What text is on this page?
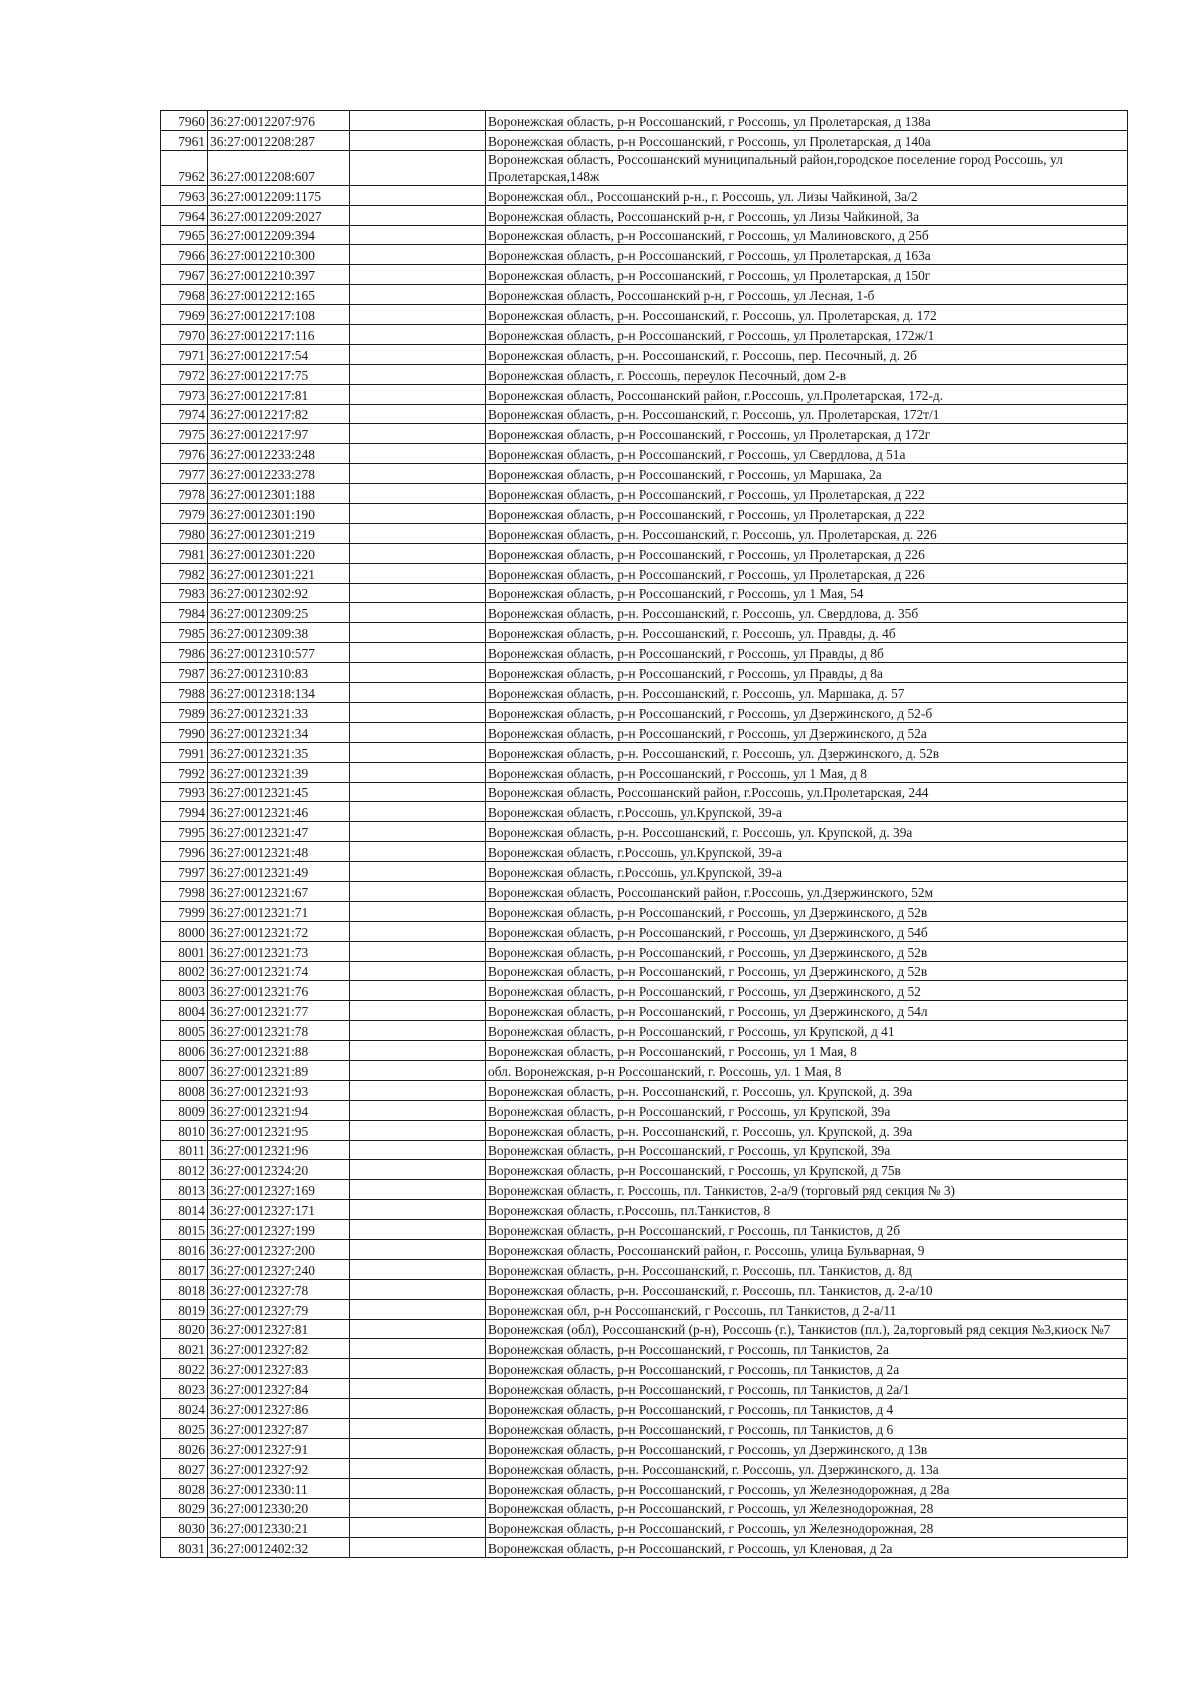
7960	36:27:0012207:976		Воронежская область, р-н Россошанский, г Россошь, ул Пролетарская, д 138а
7961	36:27:0012208:287		Воронежская область, р-н Россошанский, г Россошь, ул Пролетарская, д 140а
7962	36:27:0012208:607		Воронежская область, Россошанский муниципальный район,городское поселение город Россошь, ул Пролетарская,148ж
7963	36:27:0012209:1175		Воронежская обл., Россошанский р-н., г. Россошь, ул. Лизы Чайкиной, 3а/2
7964	36:27:0012209:2027		Воронежская область, Россошанский р-н, г Россошь, ул Лизы Чайкиной, 3а
7965	36:27:0012209:394		Воронежская область, р-н Россошанский, г Россошь, ул Малиновского, д 25б
7966	36:27:0012210:300		Воронежская область, р-н Россошанский, г Россошь, ул Пролетарская, д 163а
7967	36:27:0012210:397		Воронежская область, р-н Россошанский, г Россошь, ул Пролетарская, д 150г
7968	36:27:0012212:165		Воронежская область, Россошанский р-н, г Россошь, ул Лесная, 1-б
7969	36:27:0012217:108		Воронежская область, р-н. Россошанский, г. Россошь, ул. Пролетарская, д. 172
7970	36:27:0012217:116		Воронежская область, р-н Россошанский, г Россошь, ул Пролетарская, 172ж/1
7971	36:27:0012217:54		Воронежская область, р-н. Россошанский, г. Россошь, пер. Песочный, д. 2б
7972	36:27:0012217:75		Воронежская область, г. Россошь, переулок Песочный, дом 2-в
7973	36:27:0012217:81		Воронежская область, Россошанский район, г.Россошь, ул.Пролетарская, 172-д.
7974	36:27:0012217:82		Воронежская область, р-н. Россошанский, г. Россошь, ул. Пролетарская, 172т/1
7975	36:27:0012217:97		Воронежская область, р-н Россошанский, г Россошь, ул Пролетарская, д 172г
7976	36:27:0012233:248		Воронежская область, р-н Россошанский, г Россошь, ул Свердлова, д 51а
7977	36:27:0012233:278		Воронежская область, р-н Россошанский, г Россошь, ул Маршака, 2а
7978	36:27:0012301:188		Воронежская область, р-н Россошанский, г Россошь, ул Пролетарская, д 222
7979	36:27:0012301:190		Воронежская область, р-н Россошанский, г Россошь, ул Пролетарская, д 222
7980	36:27:0012301:219		Воронежская область, р-н. Россошанский, г. Россошь, ул. Пролетарская, д. 226
7981	36:27:0012301:220		Воронежская область, р-н Россошанский, г Россошь, ул Пролетарская, д 226
7982	36:27:0012301:221		Воронежская область, р-н Россошанский, г Россошь, ул Пролетарская, д 226
7983	36:27:0012302:92		Воронежская область, р-н Россошанский, г Россошь, ул 1 Мая, 54
7984	36:27:0012309:25		Воронежская область, р-н. Россошанский, г. Россошь, ул. Свердлова, д. 35б
7985	36:27:0012309:38		Воронежская область, р-н. Россошанский, г. Россошь, ул. Правды, д. 4б
7986	36:27:0012310:577		Воронежская область, р-н Россошанский, г Россошь, ул Правды, д 8б
7987	36:27:0012310:83		Воронежская область, р-н Россошанский, г Россошь, ул Правды, д 8а
7988	36:27:0012318:134		Воронежская область, р-н. Россошанский, г. Россошь, ул. Маршака, д. 57
7989	36:27:0012321:33		Воронежская область, р-н Россошанский, г Россошь, ул Дзержинского, д 52-б
7990	36:27:0012321:34		Воронежская область, р-н Россошанский, г Россошь, ул Дзержинского, д 52а
7991	36:27:0012321:35		Воронежская область, р-н. Россошанский, г. Россошь, ул. Дзержинского, д. 52в
7992	36:27:0012321:39		Воронежская область, р-н Россошанский, г Россошь, ул 1 Мая, д 8
7993	36:27:0012321:45		Воронежская область, Россошанский район, г.Россошь, ул.Пролетарская, 244
7994	36:27:0012321:46		Воронежская область, г.Россошь, ул.Крупской, 39-а
7995	36:27:0012321:47		Воронежская область, р-н. Россошанский, г. Россошь, ул. Крупской, д. 39а
7996	36:27:0012321:48		Воронежская область, г.Россошь, ул.Крупской, 39-а
7997	36:27:0012321:49		Воронежская область, г.Россошь, ул.Крупской, 39-а
7998	36:27:0012321:67		Воронежская область, Россошанский район, г.Россошь, ул.Дзержинского, 52м
7999	36:27:0012321:71		Воронежская область, р-н Россошанский, г Россошь, ул Дзержинского, д 52в
8000	36:27:0012321:72		Воронежская область, р-н Россошанский, г Россошь, ул Дзержинского, д 54б
8001	36:27:0012321:73		Воронежская область, р-н Россошанский, г Россошь, ул Дзержинского, д 52в
8002	36:27:0012321:74		Воронежская область, р-н Россошанский, г Россошь, ул Дзержинского, д 52в
8003	36:27:0012321:76		Воронежская область, р-н Россошанский, г Россошь, ул Дзержинского, д 52
8004	36:27:0012321:77		Воронежская область, р-н Россошанский, г Россошь, ул Дзержинского, д 54л
8005	36:27:0012321:78		Воронежская область, р-н Россошанский, г Россошь, ул Крупской, д 41
8006	36:27:0012321:88		Воронежская область, р-н Россошанский, г Россошь, ул 1 Мая, 8
8007	36:27:0012321:89		обл. Воронежская, р-н Россошанский, г. Россошь, ул. 1 Мая, 8
8008	36:27:0012321:93		Воронежская область, р-н. Россошанский, г. Россошь, ул. Крупской, д. 39а
8009	36:27:0012321:94		Воронежская область, р-н Россошанский, г Россошь, ул Крупской, 39а
8010	36:27:0012321:95		Воронежская область, р-н. Россошанский, г. Россошь, ул. Крупской, д. 39а
8011	36:27:0012321:96		Воронежская область, р-н Россошанский, г Россошь, ул Крупской, 39а
8012	36:27:0012324:20		Воронежская область, р-н Россошанский, г Россошь, ул Крупской, д 75в
8013	36:27:0012327:169		Воронежская область, г. Россошь, пл. Танкистов, 2-а/9 (торговый ряд секция № 3)
8014	36:27:0012327:171		Воронежская область, г.Россошь, пл.Танкистов, 8
8015	36:27:0012327:199		Воронежская область, р-н Россошанский, г Россошь, пл Танкистов, д 2б
8016	36:27:0012327:200		Воронежская область, Россошанский район, г. Россошь, улица Бульварная, 9
8017	36:27:0012327:240		Воронежская область, р-н. Россошанский, г. Россошь, пл. Танкистов, д. 8д
8018	36:27:0012327:78		Воронежская область, р-н. Россошанский, г. Россошь, пл. Танкистов, д. 2-а/10
8019	36:27:0012327:79		Воронежская обл, р-н Россошанский, г Россошь, пл Танкистов, д 2-а/11
8020	36:27:0012327:81		Воронежская (обл), Россошанский (р-н), Россошь (г.), Танкистов (пл.), 2а,торговый ряд секция №3,киоск №7
8021	36:27:0012327:82		Воронежская область, р-н Россошанский, г Россошь, пл Танкистов, 2а
8022	36:27:0012327:83		Воронежская область, р-н Россошанский, г Россошь, пл Танкистов, д 2а
8023	36:27:0012327:84		Воронежская область, р-н Россошанский, г Россошь, пл Танкистов, д 2а/1
8024	36:27:0012327:86		Воронежская область, р-н Россошанский, г Россошь, пл Танкистов, д 4
8025	36:27:0012327:87		Воронежская область, р-н Россошанский, г Россошь, пл Танкистов, д 6
8026	36:27:0012327:91		Воронежская область, р-н Россошанский, г Россошь, ул Дзержинского, д 13в
8027	36:27:0012327:92		Воронежская область, р-н. Россошанский, г. Россошь, ул. Дзержинского, д. 13а
8028	36:27:0012330:11		Воронежская область, р-н Россошанский, г Россошь, ул Железнодорожная, д 28а
8029	36:27:0012330:20		Воронежская область, р-н Россошанский, г Россошь, ул Железнодорожная, 28
8030	36:27:0012330:21		Воронежская область, р-н Россошанский, г Россошь, ул Железнодорожная, 28
8031	36:27:0012402:32		Воронежская область, р-н Россошанский, г Россошь, ул Кленовая, д 2а
